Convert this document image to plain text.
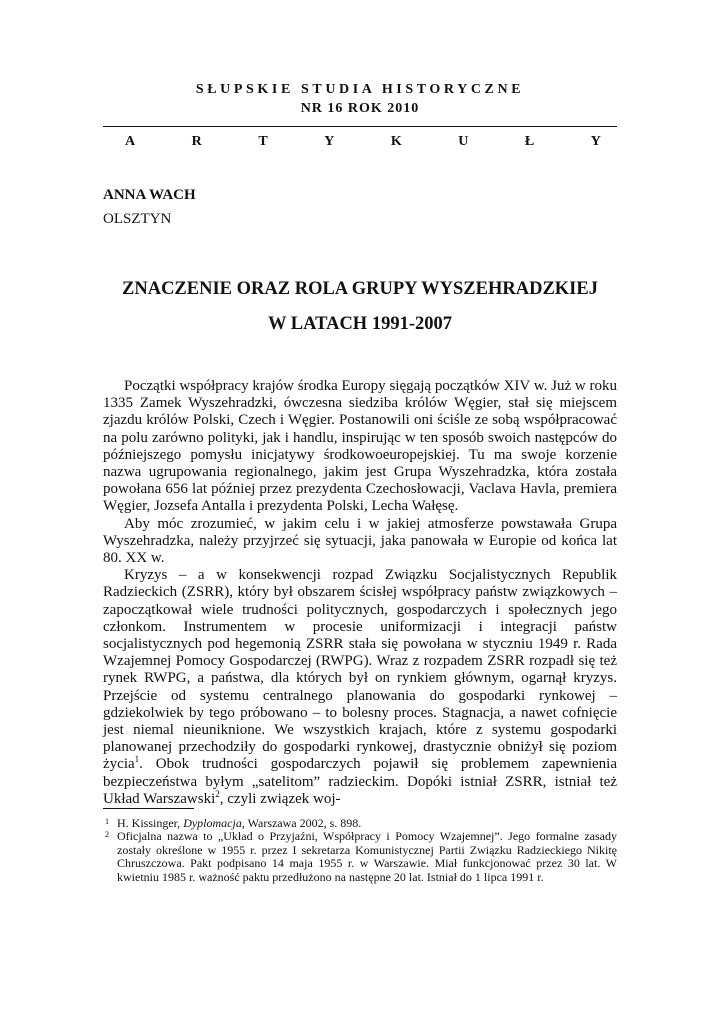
SŁUPSKIE STUDIA HISTORYCZNE
NR 16 ROK 2010
A	R	T	Y	K	U	Ł	Y
ANNA WACH
OLSZTYN
ZNACZENIE ORAZ ROLA GRUPY WYSZEHRADZKIEJ
W LATACH 1991-2007

Początki współpracy krajów środka Europy sięgają początków XIV w. Już w roku 1335 Zamek Wyszehradzki, ówczesna siedziba królów Węgier, stał się miejscem zjazdu królów Polski, Czech i Węgier. Postanowili oni ściśle ze sobą współpracować na polu zarówno polityki, jak i handlu, inspirując w ten sposób swoich następców do późniejszego pomysłu inicjatywy środkowoeuropejskiej. Tu ma swoje korzenie nazwa ugrupowania regionalnego, jakim jest Grupa Wyszehradzka, która została powołana 656 lat później przez prezydenta Czechosłowacji, Vaclava Havla, premiera Węgier, Jozsefa Antalla i prezydenta Polski, Lecha Wałęsę.

Aby móc zrozumieć, w jakim celu i w jakiej atmosferze powstawała Grupa Wyszehradzka, należy przyjrzeć się sytuacji, jaka panowała w Europie od końca lat 80. XX w.

Kryzys – a w konsekwencji rozpad Związku Socjalistycznych Republik Radzieckich (ZSRR), który był obszarem ścisłej współpracy państw związkowych – zapoczątkował wiele trudności politycznych, gospodarczych i społecznych jego członkom. Instrumentem w procesie uniformizacji i integracji państw socjalistycznych pod hegemonią ZSRR stała się powołana w styczniu 1949 r. Rada Wzajemnej Pomocy Gospodarczej (RWPG). Wraz z rozpadem ZSRR rozpadł się też rynek RWPG, a państwa, dla których był on rynkiem głównym, ogarnął kryzys. Przejście od systemu centralnego planowania do gospodarki rynkowej – gdziekolwiek by tego próbowano – to bolesny proces. Stagnacja, a nawet cofnięcie jest niemal nieuniknione. We wszystkich krajach, które z systemu gospodarki planowanej przechodziły do gospodarki rynkowej, drastycznie obniżył się poziom życia$^1$. Obok trudności gospodarczych pojawił się problemem zapewnienia bezpieczeństwa byłym „satelitom” radzieckim. Dopóki istniał ZSRR, istniał też Układ Warszawski$^2$, czyli związek woj-

1 H. Kissinger, Dyplomacja, Warszawa 2002, s. 898.
2 Oficjalna nazwa to „Układ o Przyjaźni, Współpracy i Pomocy Wzajemnej”. Jego formalne zasady zostały określone w 1955 r. przez I sekretarza Komunistycznej Partii Związku Radzieckiego Nikitę Chruszczowa. Pakt podpisano 14 maja 1955 r. w Warszawie. Miał funkcjonować przez 30 lat. W kwietniu 1985 r. ważność paktu przedłużono na następne 20 lat. Istniał do 1 lipca 1991 r.
